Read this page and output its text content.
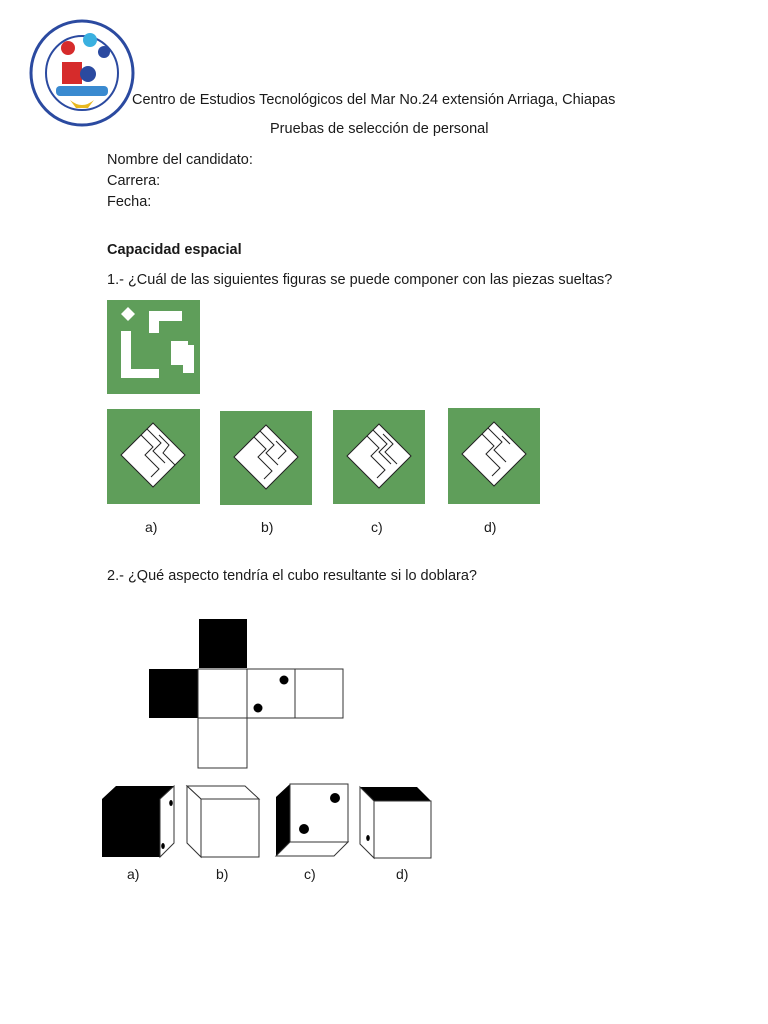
Centro de Estudios Tecnológicos del Mar No.24 extensión Arriaga, Chiapas
Pruebas de selección de personal
Nombre del candidato:
Carrera:
Fecha:
Capacidad espacial
1.- ¿Cuál de las siguientes figuras se puede componer con las piezas sueltas?
a)	b)	c)	d)
2.- ¿Qué aspecto tendría el cubo resultante si lo doblara?
a)	b)	c)	d)
